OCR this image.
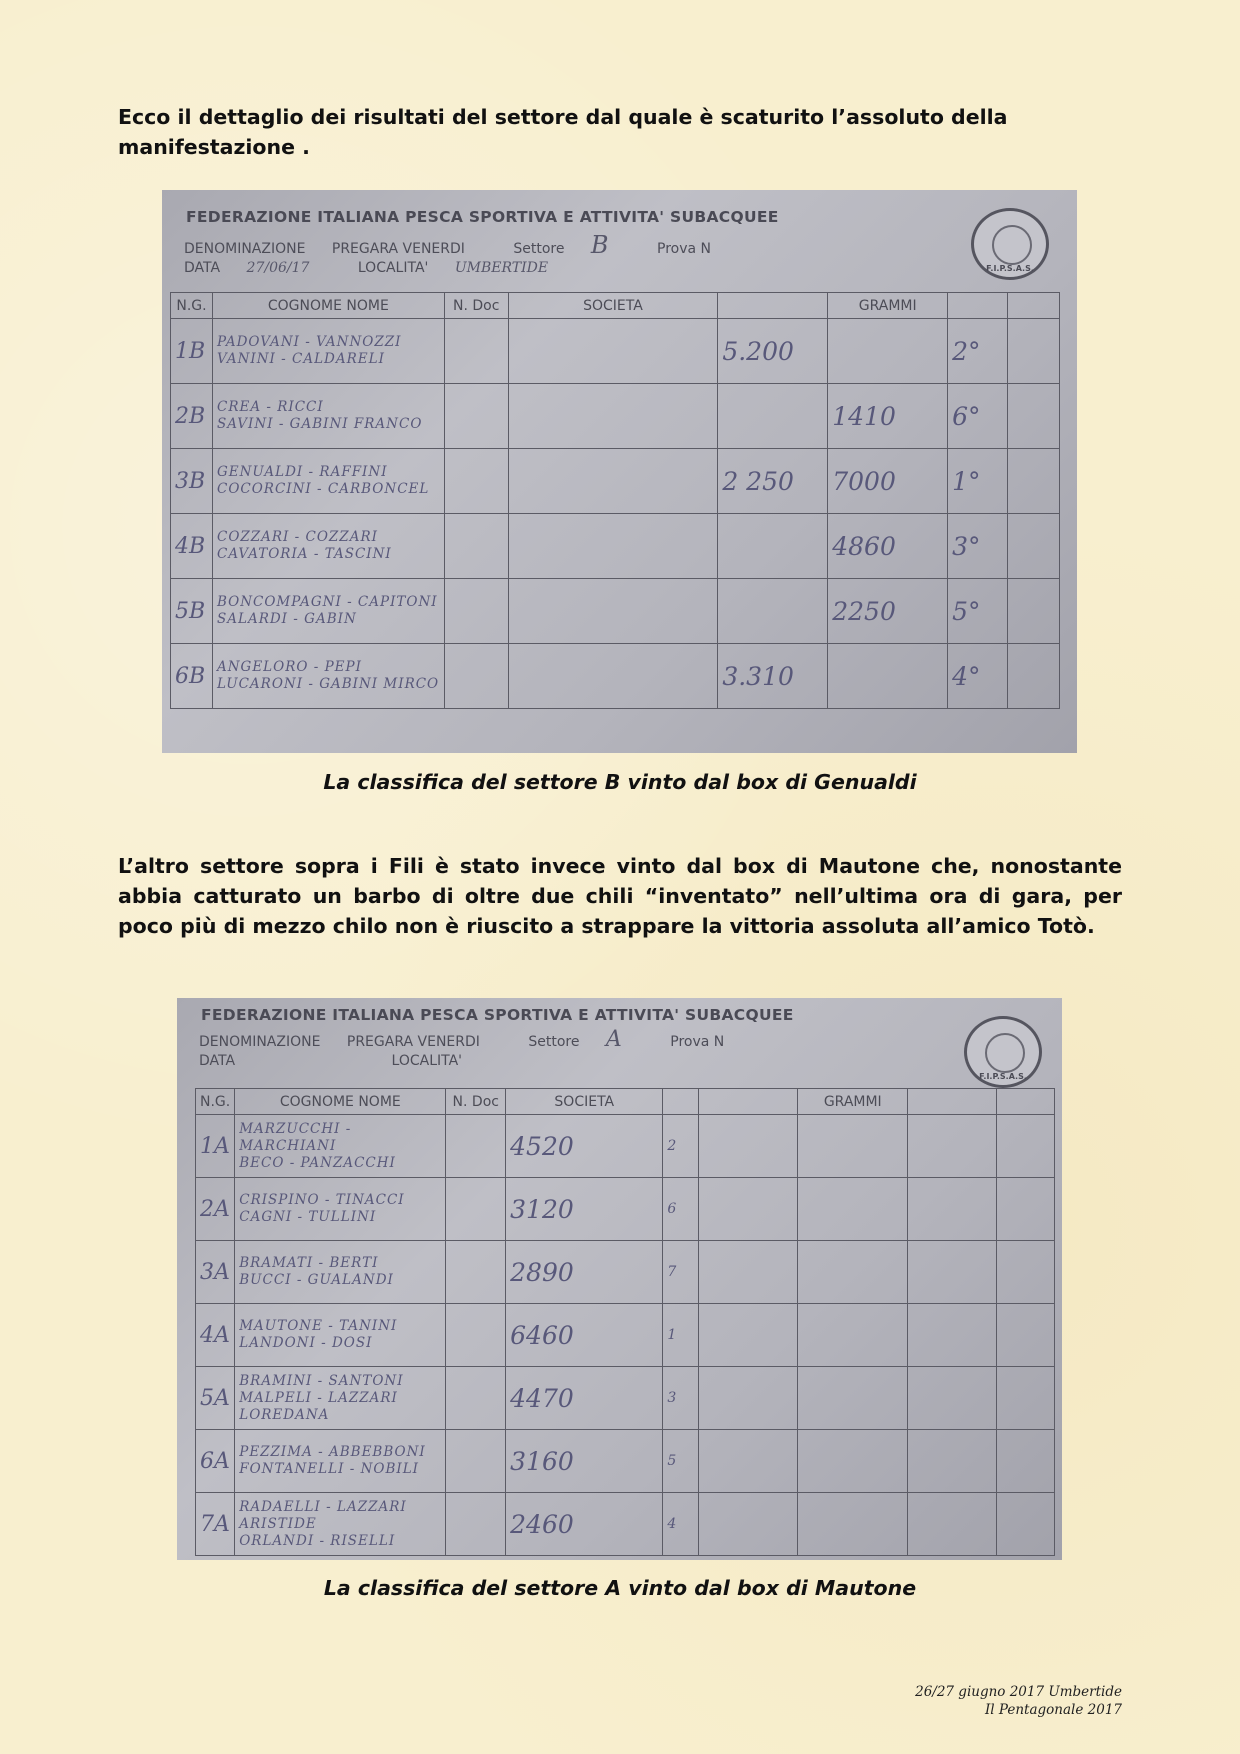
Ecco il dettaglio dei risultati del settore dal quale è scaturito l’assoluto della manifestazione .

FEDERAZIONE ITALIANA PESCA SPORTIVA E ATTIVITA' SUBACQUEE
DENOMINAZIONE PREGARA VENERDI	Settore B	Prova N
DATA 27/06/17	LOCALITA' UMBERTIDE	F.I.P.S.A.S.
N.G.	COGNOME NOME	N. Doc	SOCIETA		GRAMMI		
1B	PADOVANI - VANNOZZI
VANINI - CALDARELI			5.200		2°	
2B	CREA - RICCI
SAVINI - GABINI FRANCO				1410	6°	
3B	GENUALDI - RAFFINI
COCORCINI - CARBONCEL			2 250	7000	1°	
4B	COZZARI - COZZARI
CAVATORIA - TASCINI				4860	3°	
5B	BONCOMPAGNI - CAPITONI
SALARDI - GABIN				2250	5°	
6B	ANGELORO - PEPI
LUCARONI - GABINI MIRCO			3.310		4°	

La classifica del settore B vinto dal box di Genualdi

L’altro settore sopra i Fili è stato invece vinto dal box di Mautone che, nonostante abbia catturato un barbo di oltre due chili “inventato” nell’ultima ora di gara, per poco più di mezzo chilo non è riuscito a strappare la vittoria assoluta all’amico Totò.

FEDERAZIONE ITALIANA PESCA SPORTIVA E ATTIVITA' SUBACQUEE
DENOMINAZIONE PREGARA VENERDI	Settore A	Prova N
DATA	LOCALITA'
F.I.P.S.A.S.
N.G.	COGNOME NOME	N. Doc	SOCIETA			GRAMMI		
1A	MARZUCCHI - MARCHIANI
BECO - PANZACCHI		4520	2				
2A	CRISPINO - TINACCI
CAGNI - TULLINI		3120	6				
3A	BRAMATI - BERTI
BUCCI - GUALANDI		2890	7				
4A	MAUTONE - TANINI
LANDONI - DOSI		6460	1				
5A	BRAMINI - SANTONI
MALPELI - LAZZARI LOREDANA		4470	3				
6A	PEZZIMA - ABBEBBONI
FONTANELLI - NOBILI		3160	5				
7A	RADAELLI - LAZZARI ARISTIDE
ORLANDI - RISELLI		2460	4				

La classifica del settore A vinto dal box di Mautone

26/27 giugno 2017 Umbertide
Il Pentagonale 2017
